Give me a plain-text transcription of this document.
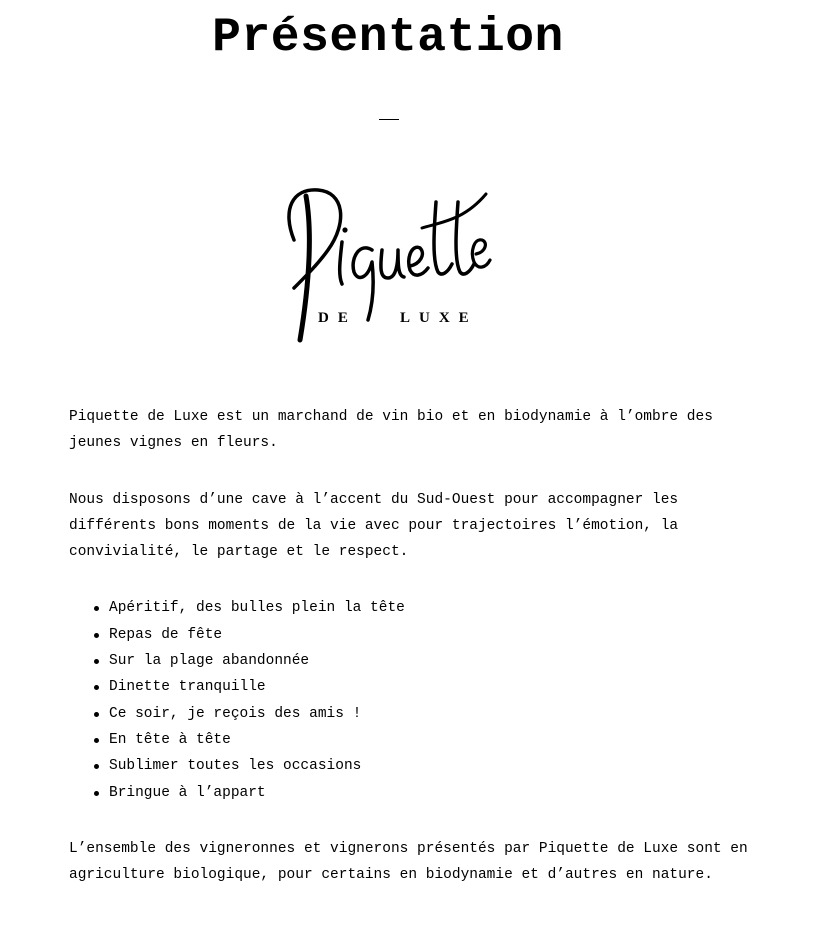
Présentation
DE	LUXE

Piquette de Luxe est un marchand de vin bio et en biodynamie à l’ombre des jeunes vignes en fleurs.

Nous disposons d’une cave à l’accent du Sud-Ouest pour accompagner les différents bons moments de la vie avec pour trajectoires l’émotion, la convivialité, le partage et le respect.

Apéritif, des bulles plein la tête
Repas de fête
Sur la plage abandonnée
Dinette tranquille
Ce soir, je reçois des amis !
En tête à tête
Sublimer toutes les occasions
Bringue à l’appart

L’ensemble des vigneronnes et vignerons présentés par Piquette de Luxe sont en agriculture biologique, pour certains en biodynamie et d’autres en nature.
